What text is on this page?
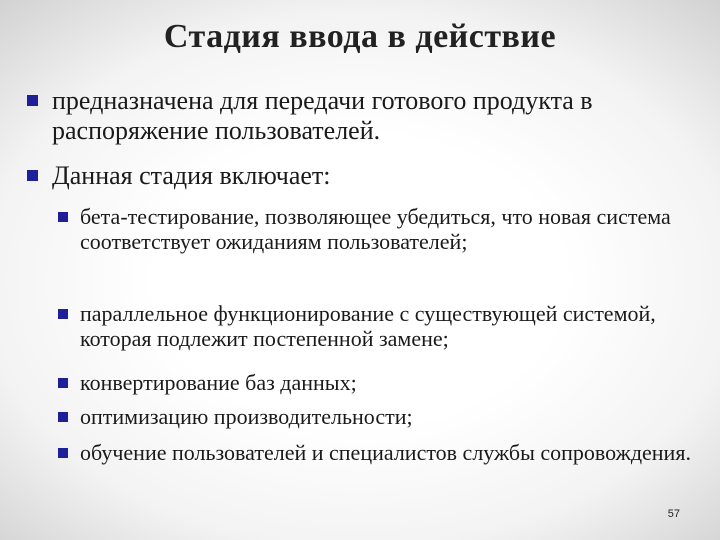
Стадия ввода в действие
предназначена для передачи готового продукта в распоряжение пользователей.
Данная стадия включает:
бета-тестирование, позволяющее убедиться, что новая система соответствует ожиданиям пользователей;
параллельное функционирование с существующей системой, которая подлежит постепенной замене;
конвертирование баз данных;
оптимизацию производительности;
обучение пользователей и специалистов службы сопровождения.
57
